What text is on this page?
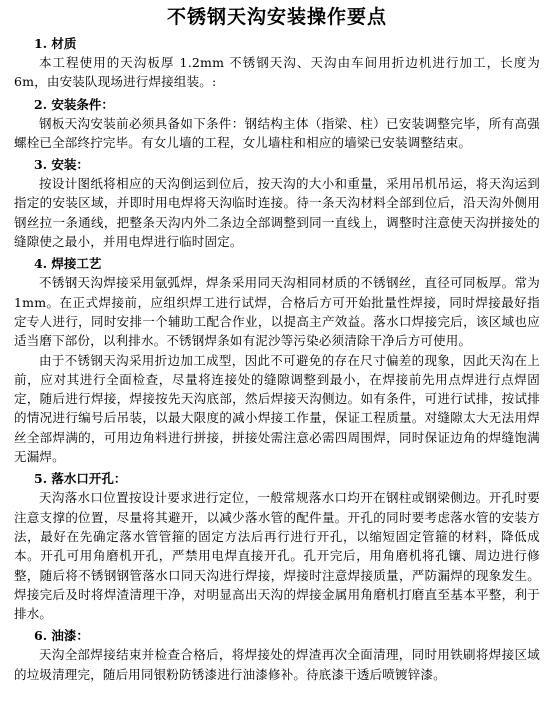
不锈钢天沟安装操作要点
1. 材质

本工程使用的天沟板厚 1.2mm 不锈钢天沟、天沟由车间用折边机进行加工，长度为 6m，由安装队现场进行焊接组装。:

2. 安装条件：

钢板天沟安装前必须具备如下条件：钢结构主体（指梁、柱）已安装调整完毕，所有高强螺栓已全部终拧完毕。有女儿墙的工程，女儿墙柱和相应的墙梁已安装调整结束。

3. 安装：

按设计图纸将相应的天沟倒运到位后，按天沟的大小和重量，采用吊机吊运，将天沟运到指定的安装区域，并即时用电焊将天沟临时连接。待一条天沟材料全部到位后，沿天沟外侧用钢丝拉一条通线，把整条天沟内外二条边全部调整到同一直线上，调整时注意使天沟拼接处的缝隙使之最小，并用电焊进行临时固定。

4. 焊接工艺

不锈钢天沟焊接采用氩弧焊，焊条采用同天沟相同材质的不锈钢丝，直径可同板厚。常为 1mm。在正式焊接前，应组织焊工进行试焊，合格后方可开始批量性焊接，同时焊接最好指定专人进行，同时安排一个辅助工配合作业，以提高主产效益。落水口焊接完后，该区域也应适当磨下部份，以利排水。不锈钢焊条如有泥沙等污染必须清除干净后方可使用。

由于不锈钢天沟采用折边加工成型，因此不可避免的存在尺寸偏差的现象，因此天沟在上前，应对其进行全面检查，尽量将连接处的缝隙调整到最小，在焊接前先用点焊进行点焊固定，随后进行焊接，焊接按先天沟底部，然后焊接天沟侧边。如有条件，可进行试排，按试排的情况进行编号后吊装，以最大限度的减小焊接工作量，保证工程质量。对缝隙太大无法用焊丝全部焊满的，可用边角料进行拼接，拼接处需注意必需四周围焊，同时保证边角的焊缝饱满无漏焊。

5. 落水口开孔：

天沟落水口位置按设计要求进行定位，一般常规落水口均开在钢柱或钢梁侧边。开孔时要注意支撑的位置，尽量将其避开，以减少落水管的配件量。开孔的同时要考虑落水管的安装方法，最好在先确定落水管管箍的固定方法后再行进行开孔，以缩短固定管箍的材料，降低成本。开孔可用角磨机开孔，严禁用电焊直接开孔。孔开完后，用角磨机将孔镶、周边进行修整，随后将不锈钢钢管落水口同天沟进行焊接，焊接时注意焊接质量，严防漏焊的现象发生。焊接完后及时将焊渣清理干净，对明显高出天沟的焊接金属用角磨机打磨直至基本平整，利于排水。

6. 油漆：

天沟全部焊接结束并检查合格后，将焊接处的焊渣再次全面清理，同时用铁刷将焊接区域的垃圾清理完，随后用同银粉防锈漆进行油漆修补。待底漆干透后喷镀锌漆。
